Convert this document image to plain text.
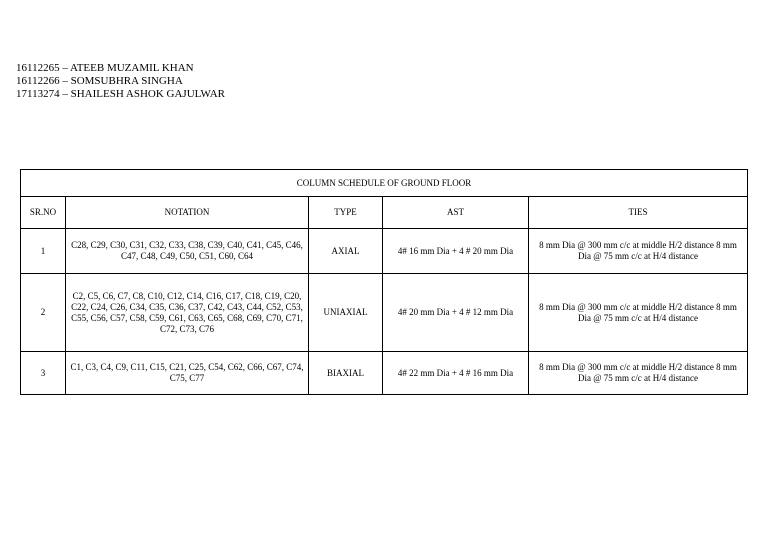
16112265 – ATEEB MUZAMIL KHAN
16112266 – SOMSUBHRA SINGHA
17113274 – SHAILESH ASHOK GAJULWAR
COLUMN SCHEDULE OF GROUND FLOOR				
SR.NO	NOTATION	TYPE	AST	TIES
1	C28, C29, C30, C31, C32, C33, C38, C39, C40, C41, C45, C46, C47, C48, C49, C50, C51, C60, C64	AXIAL	4# 16 mm Dia + 4 # 20 mm Dia	8 mm Dia @ 300 mm c/c at middle H/2 distance 8 mm Dia @ 75 mm c/c at H/4 distance
2	C2, C5, C6, C7, C8, C10, C12, C14, C16, C17, C18, C19, C20, C22, C24, C26, C34, C35, C36, C37, C42, C43, C44, C52, C53, C55, C56, C57, C58, C59, C61, C63, C65, C68, C69, C70, C71, C72, C73, C76	UNIAXIAL	4# 20 mm Dia + 4 # 12 mm Dia	8 mm Dia @ 300 mm c/c at middle H/2 distance 8 mm Dia @ 75 mm c/c at H/4 distance
3	C1, C3, C4, C9, C11, C15, C21, C25, C54, C62, C66, C67, C74, C75, C77	BIAXIAL	4# 22 mm Dia + 4 # 16 mm Dia	8 mm Dia @ 300 mm c/c at middle H/2 distance 8 mm Dia @ 75 mm c/c at H/4 distance
